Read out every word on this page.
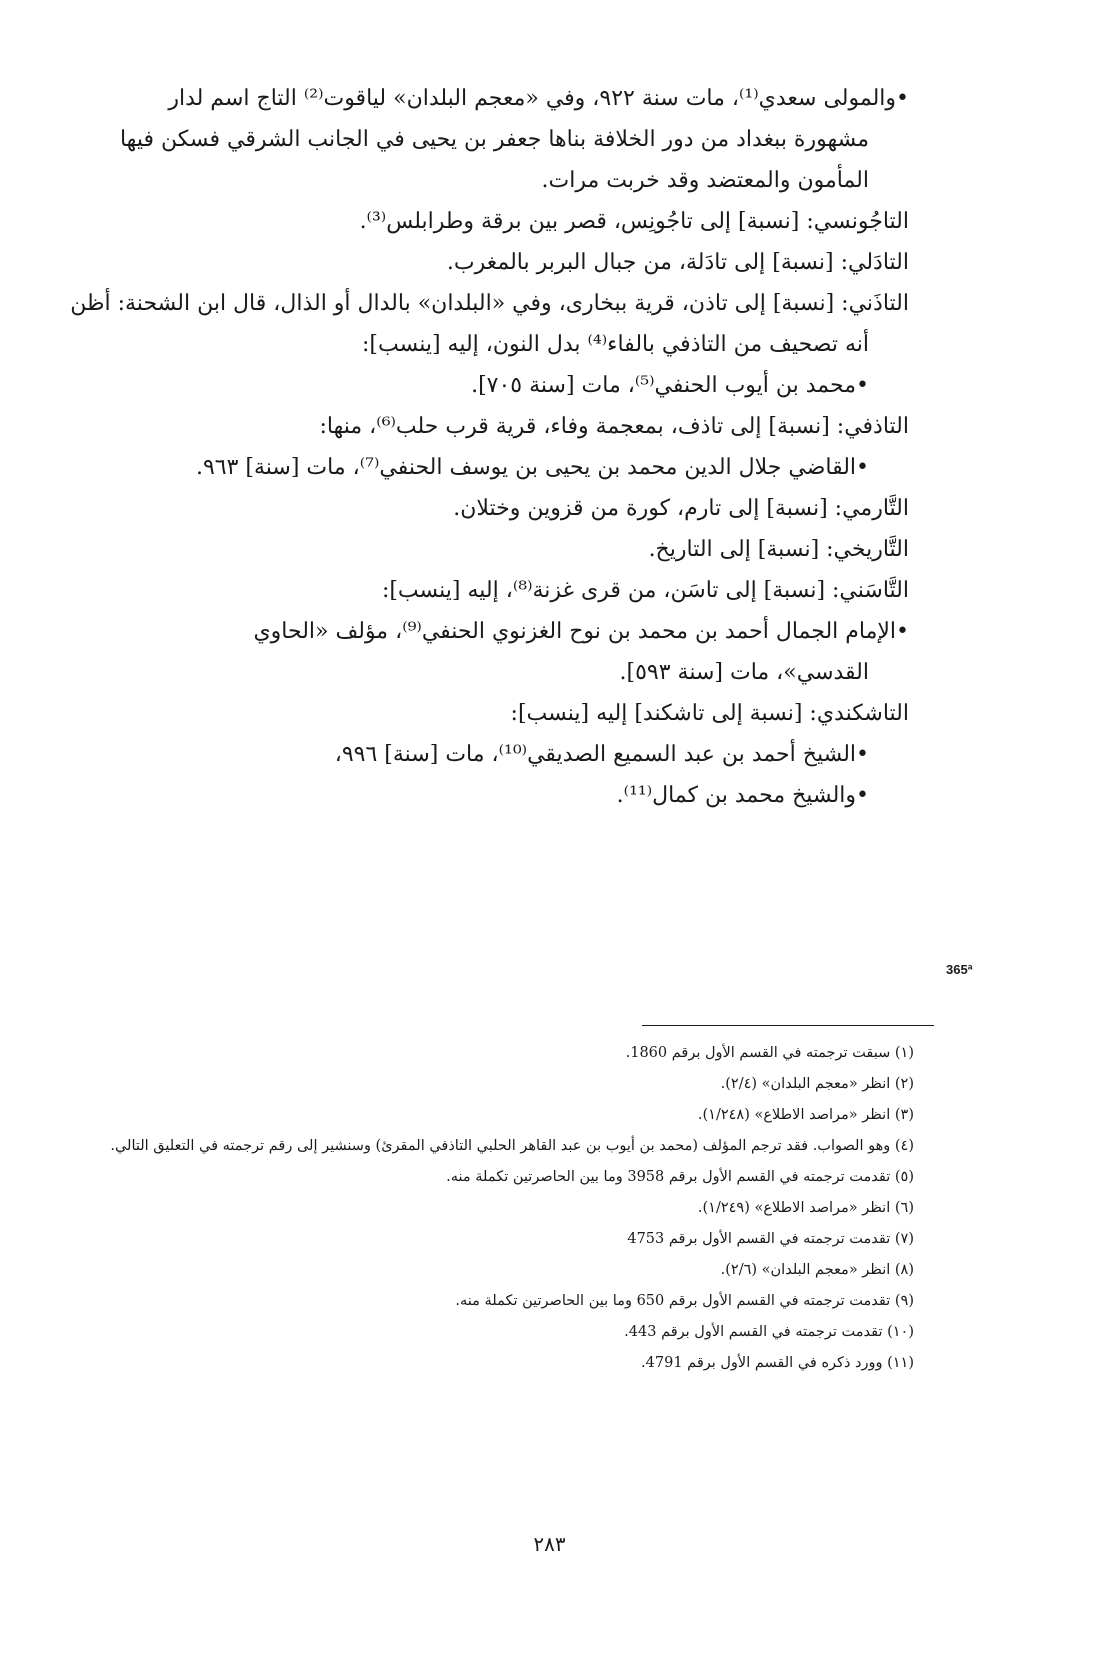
•والمولى سعدي⁽¹⁾، مات سنة ٩٢٢، وفي «معجم البلدان» لياقوت⁽²⁾ التاج اسم لدار
مشهورة ببغداد من دور الخلافة بناها جعفر بن يحيى في الجانب الشرقي فسكن فيها
المأمون والمعتضد وقد خربت مرات.
التاجُونسي: [نسبة] إلى تاجُونِس، قصر بين برقة وطرابلس⁽³⁾.
التادَلي: [نسبة] إلى تادَلة، من جبال البربر بالمغرب.
التاذَني: [نسبة] إلى تاذن، قرية ببخارى، وفي «البلدان» بالدال أو الذال، قال ابن الشحنة: أظن
أنه تصحيف من التاذفي بالفاء⁽⁴⁾ بدل النون، إليه [ينسب]:
•محمد بن أيوب الحنفي⁽⁵⁾، مات [سنة ٧٠٥].
التاذفي: [نسبة] إلى تاذف، بمعجمة وفاء، قرية قرب حلب⁽⁶⁾، منها:
•القاضي جلال الدين محمد بن يحيى بن يوسف الحنفي⁽⁷⁾، مات [سنة] ٩٦٣.
التَّارمي: [نسبة] إلى تارم، كورة من قزوين وختلان.
التَّاريخي: [نسبة] إلى التاريخ.
التَّاسَني: [نسبة] إلى تاسَن، من قرى غزنة⁽⁸⁾، إليه [ينسب]:
•الإمام الجمال أحمد بن محمد بن نوح الغزنوي الحنفي⁽⁹⁾، مؤلف «الحاوي
القدسي»، مات [سنة ٥٩٣].
التاشكندي: [نسبة إلى تاشكند] إليه [ينسب]:
•الشيخ أحمد بن عبد السميع الصديقي⁽¹⁰⁾، مات [سنة] ٩٩٦،
•والشيخ محمد بن كمال⁽¹¹⁾.
365ª
(١) سبقت ترجمته في القسم الأول برقم 1860.
(٢) انظر «معجم البلدان» (٢/٤).
(٣) انظر «مراصد الاطلاع» (١/٢٤٨).
(٤) وهو الصواب. فقد ترجم المؤلف (محمد بن أيوب بن عبد القاهر الحلبي التاذفي المقرئ) وسنشير إلى رقم ترجمته في التعليق التالي.
(٥) تقدمت ترجمته في القسم الأول برقم 3958 وما بين الحاصرتين تكملة منه.
(٦) انظر «مراصد الاطلاع» (١/٢٤٩).
(٧) تقدمت ترجمته في القسم الأول برقم 4753
(٨) انظر «معجم البلدان» (٢/٦).
(٩) تقدمت ترجمته في القسم الأول برقم 650 وما بين الحاصرتين تكملة منه.
(١٠) تقدمت ترجمته في القسم الأول برقم 443.
(١١) وورد ذكره في القسم الأول برقم 4791.
٢٨٣
